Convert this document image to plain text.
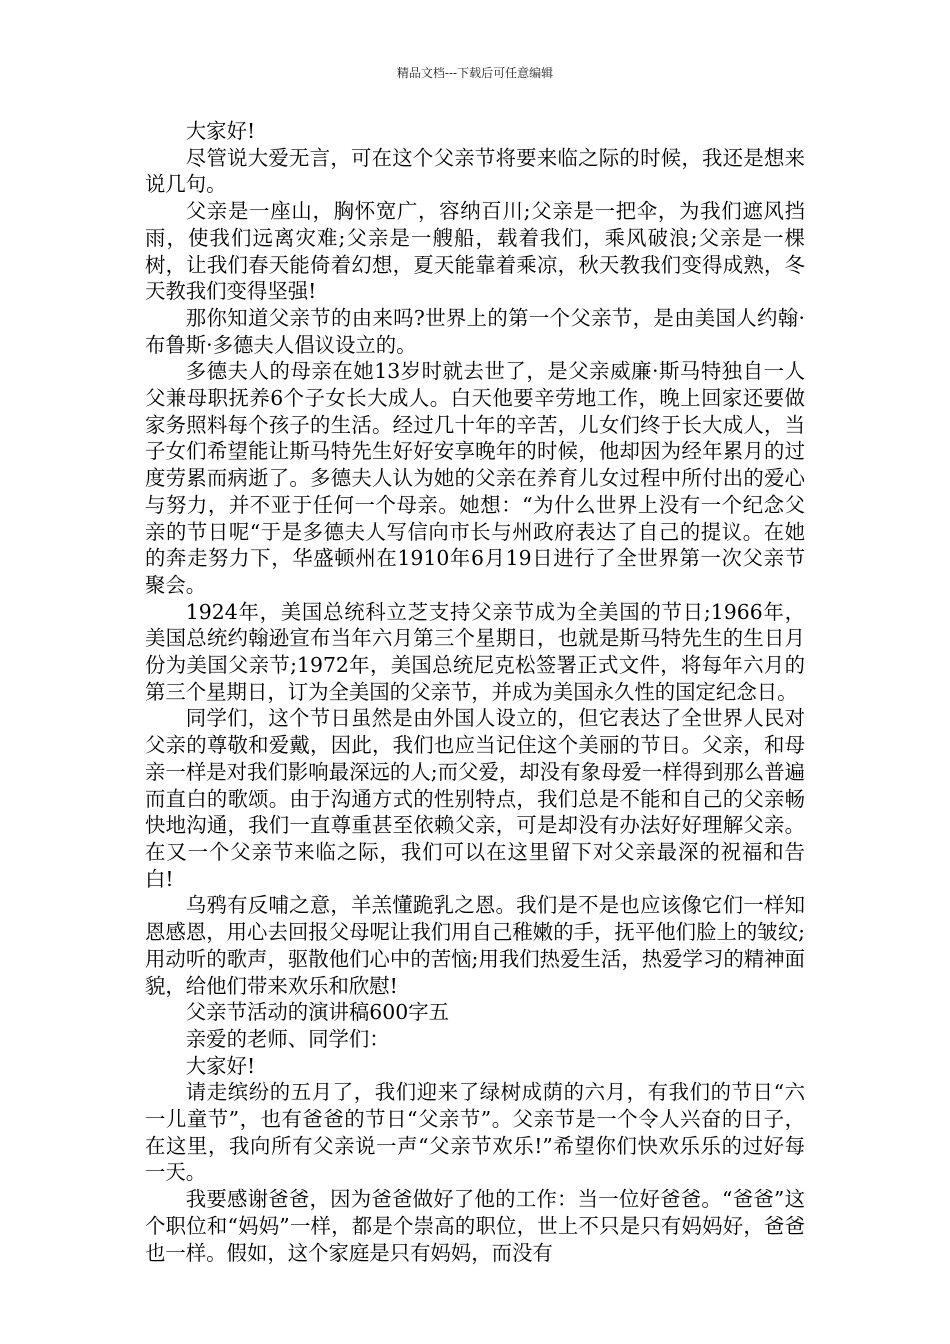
精品文档---下载后可任意编辑

大家好!

尽管说大爱无言，可在这个父亲节将要来临之际的时候，我还是想来说几句。

父亲是一座山，胸怀宽广，容纳百川;父亲是一把伞，为我们遮风挡雨，使我们远离灾难;父亲是一艘船，载着我们，乘风破浪;父亲是一棵树，让我们春天能倚着幻想，夏天能靠着乘凉，秋天教我们变得成熟，冬天教我们变得坚强!

那你知道父亲节的由来吗?世界上的第一个父亲节，是由美国人约翰·布鲁斯·多德夫人倡议设立的。

多德夫人的母亲在她13岁时就去世了，是父亲威廉·斯马特独自一人父兼母职抚养6个子女长大成人。白天他要辛劳地工作，晚上回家还要做家务照料每个孩子的生活。经过几十年的辛苦，儿女们终于长大成人，当子女们希望能让斯马特先生好好安享晚年的时候，他却因为经年累月的过度劳累而病逝了。多德夫人认为她的父亲在养育儿女过程中所付出的爱心与努力，并不亚于任何一个母亲。她想：“为什么世界上没有一个纪念父亲的节日呢“于是多德夫人写信向市长与州政府表达了自己的提议。在她的奔走努力下，华盛顿州在1910年6月19日进行了全世界第一次父亲节聚会。

1924年，美国总统科立芝支持父亲节成为全美国的节日;1966年，美国总统约翰逊宣布当年六月第三个星期日，也就是斯马特先生的生日月份为美国父亲节;1972年，美国总统尼克松签署正式文件，将每年六月的第三个星期日，订为全美国的父亲节，并成为美国永久性的国定纪念日。

同学们，这个节日虽然是由外国人设立的，但它表达了全世界人民对父亲的尊敬和爱戴，因此，我们也应当记住这个美丽的节日。父亲，和母亲一样是对我们影响最深远的人;而父爱，却没有象母爱一样得到那么普遍而直白的歌颂。由于沟通方式的性别特点，我们总是不能和自己的父亲畅快地沟通，我们一直尊重甚至依赖父亲，可是却没有办法好好理解父亲。在又一个父亲节来临之际，我们可以在这里留下对父亲最深的祝福和告白!

乌鸦有反哺之意，羊羔懂跪乳之恩。我们是不是也应该像它们一样知恩感恩，用心去回报父母呢让我们用自己稚嫩的手，抚平他们脸上的皱纹;用动听的歌声，驱散他们心中的苦恼;用我们热爱生活，热爱学习的精神面貌，给他们带来欢乐和欣慰!

父亲节活动的演讲稿600字五

亲爱的老师、同学们：

大家好!

请走缤纷的五月了，我们迎来了绿树成荫的六月，有我们的节日“六一儿童节”，也有爸爸的节日“父亲节”。父亲节是一个令人兴奋的日子，在这里，我向所有父亲说一声“父亲节欢乐!”希望你们快欢乐乐的过好每一天。

我要感谢爸爸，因为爸爸做好了他的工作：当一位好爸爸。“爸爸”这个职位和“妈妈”一样，都是个崇高的职位，世上不只是只有妈妈好，爸爸也一样。假如，这个家庭是只有妈妈，而没有
